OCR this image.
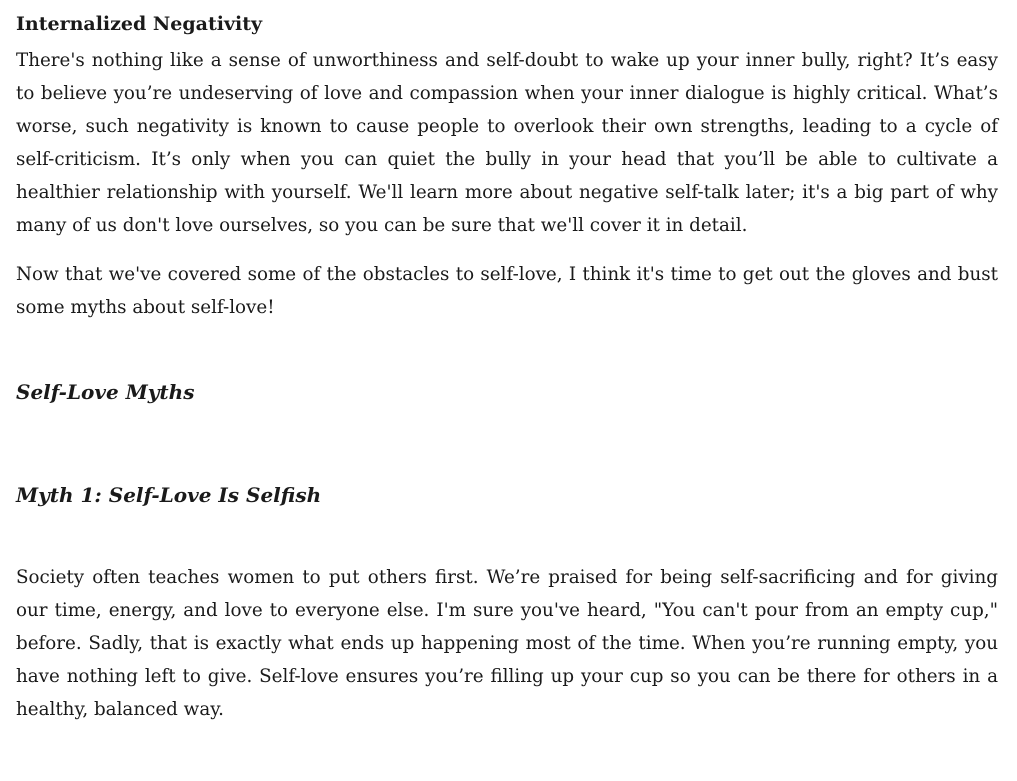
Internalized Negativity

There's nothing like a sense of unworthiness and self-doubt to wake up your inner bully, right? It’s easy to believe you’re undeserving of love and compassion when your inner dialogue is highly critical. What’s worse, such negativity is known to cause people to overlook their own strengths, leading to a cycle of self-criticism. It’s only when you can quiet the bully in your head that you’ll be able to cultivate a healthier relationship with yourself. We'll learn more about negative self-talk later; it's a big part of why many of us don't love ourselves, so you can be sure that we'll cover it in detail.

Now that we've covered some of the obstacles to self-love, I think it's time to get out the gloves and bust some myths about self-love!

Self-Love Myths
Myth 1: Self-Love Is Selfish

Society often teaches women to put others first. We’re praised for being self-sacrificing and for giving our time, energy, and love to everyone else. I'm sure you've heard, "You can't pour from an empty cup," before. Sadly, that is exactly what ends up happening most of the time. When you’re running empty, you have nothing left to give. Self-love ensures you’re filling up your cup so you can be there for others in a healthy, balanced way.
